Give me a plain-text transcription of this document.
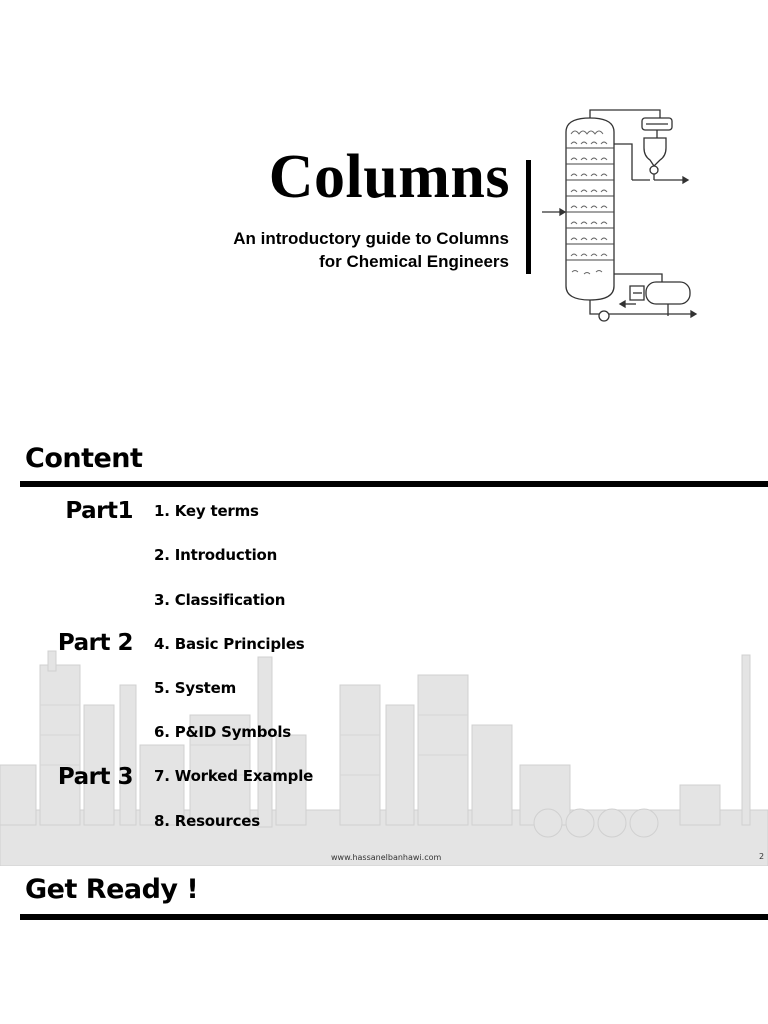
Columns
An introductory guide to Columns
for Chemical Engineers
Content
Part1
Part 2
Part 3
1. Key terms
2. Introduction
3. Classification
4. Basic Principles
5. System
6. P&ID Symbols
7. Worked Example
8. Resources
www.hassanelbanhawi.com	2
Get Ready !
